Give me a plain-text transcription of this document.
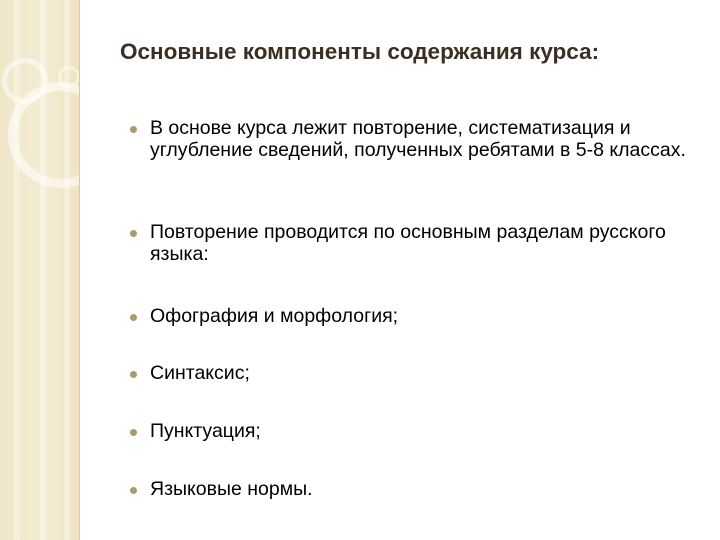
Основные компоненты содержания курса:
В основе курса лежит повторение, систематизация и углубление сведений, полученных ребятами в 5-8 классах.
Повторение проводится по основным разделам русского языка:
Офография и морфология;
Синтаксис;
Пунктуация;
Языковые нормы.
